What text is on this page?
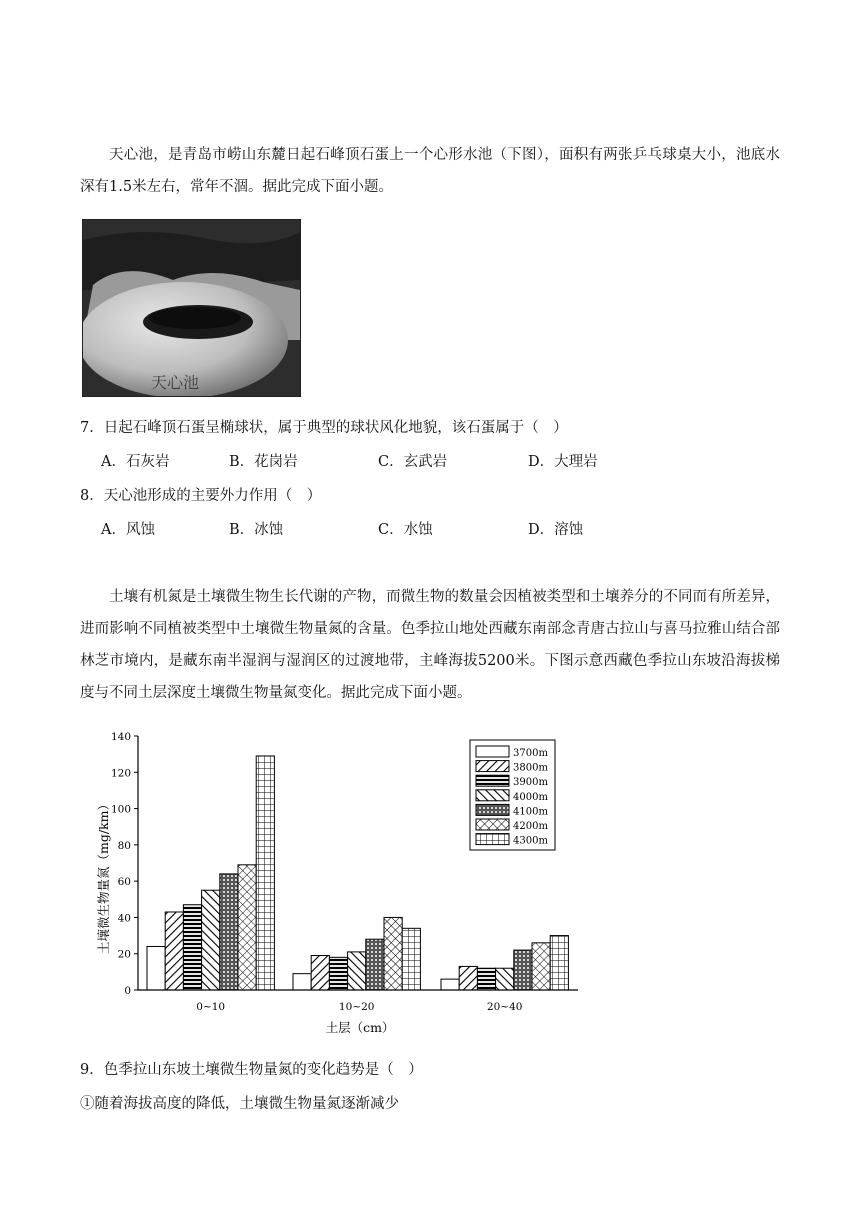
天心池，是青岛市崂山东麓日起石峰顶石蛋上一个心形水池（下图），面积有两张乒乓球桌大小，池底水深有1.5米左右，常年不涸。据此完成下面小题。

天心池
7．日起石峰顶石蛋呈椭球状，属于典型的球状风化地貌，该石蛋属于（　）
A．石灰岩	B．花岗岩	C．玄武岩	D．大理岩
8．天心池形成的主要外力作用（　）
A．风蚀	B．冰蚀	C．水蚀	D．溶蚀

土壤有机氮是土壤微生物生长代谢的产物，而微生物的数量会因植被类型和土壤养分的不同而有所差异，进而影响不同植被类型中土壤微生物量氮的含量。色季拉山地处西藏东南部念青唐古拉山与喜马拉雅山结合部林芝市境内，是藏东南半湿润与湿润区的过渡地带，主峰海拔5200米。下图示意西藏色季拉山东坡沿海拔梯度与不同土层深度土壤微生物量氮变化。据此完成下面小题。

0
20
40
60
80
100
120
140
0~10	10~20	20~40
3700m
3800m
3900m
4000m
4100m
4200m
4300m
土壤微生物量氮（mg/km）
土层（cm）
9．色季拉山东坡土壤微生物量氮的变化趋势是（　）
①随着海拔高度的降低，土壤微生物量氮逐渐减少
